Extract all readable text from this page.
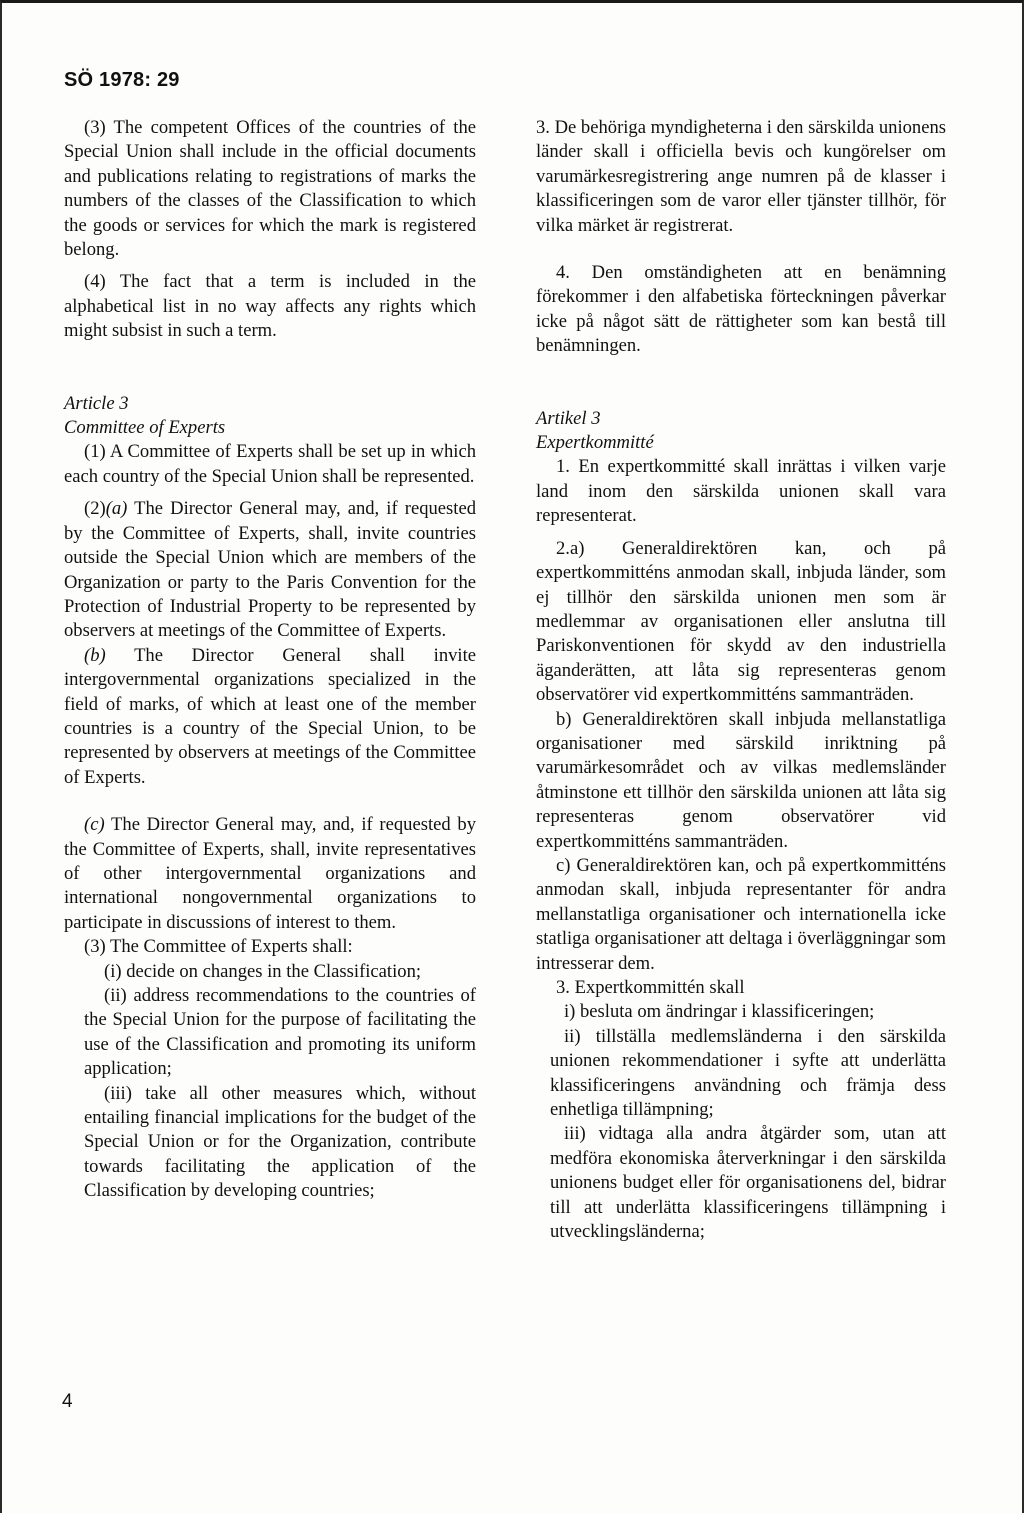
SÖ 1978: 29

(3) The competent Offices of the countries of the Special Union shall include in the official documents and publications relating to registrations of marks the numbers of the classes of the Classification to which the goods or services for which the mark is registered belong.

(4) The fact that a term is included in the alphabetical list in no way affects any rights which might subsist in such a term.

Article 3

Committee of Experts

(1) A Committee of Experts shall be set up in which each country of the Special Union shall be represented.

(2)(a) The Director General may, and, if requested by the Committee of Experts, shall, invite countries outside the Special Union which are members of the Organization or party to the Paris Convention for the Protection of Industrial Property to be represented by observers at meetings of the Committee of Experts.

(b) The Director General shall invite intergovernmental organizations specialized in the field of marks, of which at least one of the member countries is a country of the Special Union, to be represented by observers at meetings of the Committee of Experts.

(c) The Director General may, and, if requested by the Committee of Experts, shall, invite representatives of other intergovernmental organizations and international nongovernmental organizations to participate in discussions of interest to them.

(3) The Committee of Experts shall:

(i) decide on changes in the Classification;

(ii) address recommendations to the countries of the Special Union for the purpose of facilitating the use of the Classification and promoting its uniform application;

(iii) take all other measures which, without entailing financial implications for the budget of the Special Union or for the Organization, contribute towards facilitating the application of the Classification by developing countries;

3. De behöriga myndigheterna i den särskilda unionens länder skall i officiella bevis och kungörelser om varumärkesregistrering ange numren på de klasser i klassificeringen som de varor eller tjänster tillhör, för vilka märket är registrerat.

4. Den omständigheten att en benämning förekommer i den alfabetiska förteckningen påverkar icke på något sätt de rättigheter som kan bestå till benämningen.

Artikel 3

Expertkommitté

1. En expertkommitté skall inrättas i vilken varje land inom den särskilda unionen skall vara representerat.

2.a) Generaldirektören kan, och på expertkommitténs anmodan skall, inbjuda länder, som ej tillhör den särskilda unionen men som är medlemmar av organisationen eller anslutna till Pariskonventionen för skydd av den industriella äganderätten, att låta sig representeras genom observatörer vid expertkommitténs sammanträden.

b) Generaldirektören skall inbjuda mellanstatliga organisationer med särskild inriktning på varumärkesområdet och av vilkas medlemsländer åtminstone ett tillhör den särskilda unionen att låta sig representeras genom observatörer vid expertkommitténs sammanträden.

c) Generaldirektören kan, och på expertkommitténs anmodan skall, inbjuda representanter för andra mellanstatliga organisationer och internationella icke statliga organisationer att deltaga i överläggningar som intresserar dem.

3. Expertkommittén skall

i) besluta om ändringar i klassificeringen;

ii) tillställa medlemsländerna i den särskilda unionen rekommendationer i syfte att underlätta klassificeringens användning och främja dess enhetliga tillämpning;

iii) vidtaga alla andra åtgärder som, utan att medföra ekonomiska återverkningar i den särskilda unionens budget eller för organisationens del, bidrar till att underlätta klassificeringens tillämpning i utvecklingsländerna;

4
